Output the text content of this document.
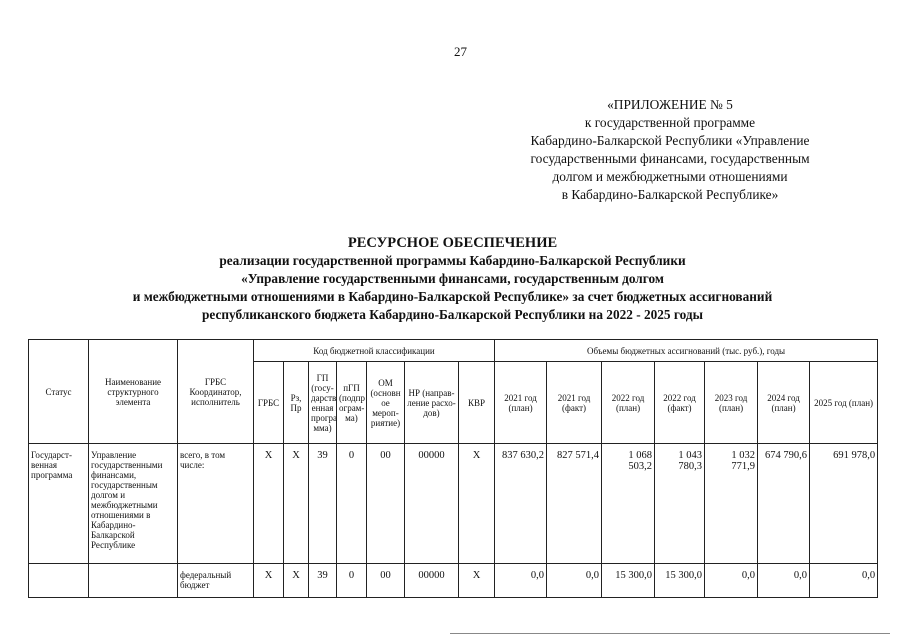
27
«ПРИЛОЖЕНИЕ № 5
к государственной программе
Кабардино-Балкарской Республики «Управление
государственными финансами, государственным
долгом и межбюджетными отношениями
в Кабардино-Балкарской Республике»
РЕСУРСНОЕ ОБЕСПЕЧЕНИЕ
реализации государственной программы Кабардино-Балкарской Республики
«Управление государственными финансами, государственным долгом
и межбюджетными отношениями в Кабардино-Балкарской Республике» за счет бюджетных ассигнований
республиканского бюджета Кабардино-Балкарской Республики на 2022 - 2025 годы
Статус	Наименование структурного элемента	ГРБС Координатор, исполнитель	Код бюджетной классификации							Объемы бюджетных ассигнований (тыс. руб.), годы						
			ГРБС	Рз, Пр	ГП (госу-дарств енная програ мма)	пГП (подпр ограм-ма)	ОМ (основн ое мероп-риятие)	НР (направ-ление расхо-дов)	КВР	2021 год (план)	2021 год (факт)	2022 год (план)	2022 год (факт)	2023 год (план)	2024 год (план)	2025 год (план)
Государст-венная программа	Управление государственными финансами, государственным долгом и межбюджетными отношениями в Кабардино-Балкарской Республике	всего, в том числе:	Х	Х	39	0	00	00000	Х	837 630,2	827 571,4	1 068 503,2	1 043 780,3	1 032 771,9	674 790,6	691 978,0
		федеральный бюджет	Х	Х	39	0	00	00000	Х	0,0	0,0	15 300,0	15 300,0	0,0	0,0	0,0
